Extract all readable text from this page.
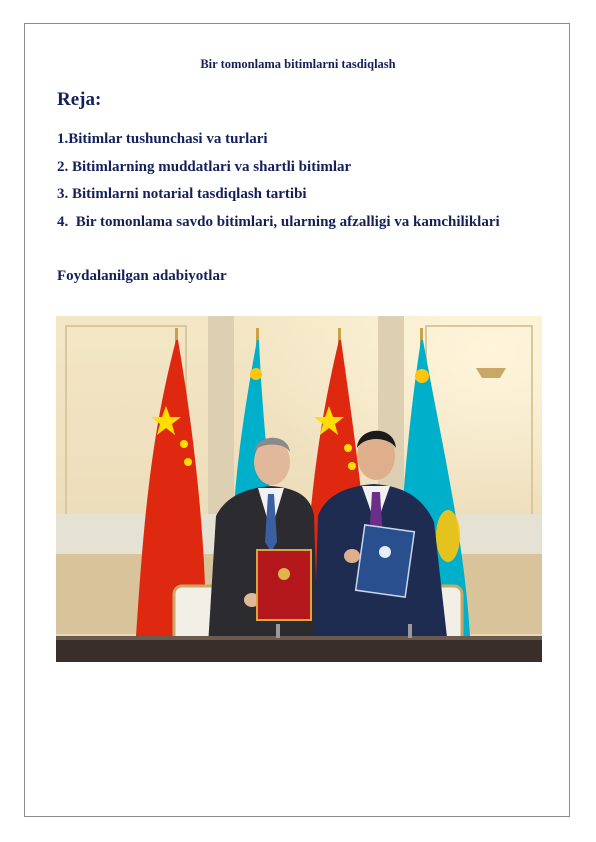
Bir tomonlama bitimlarni tasdiqlash
Reja:
1.Bitimlar tushunchasi va turlari
2. Bitimlarning muddatlari va shartli bitimlar
3. Bitimlarni notarial tasdiqlash tartibi
4.  Bir tomonlama savdo bitimlari, ularning afzalligi va kamchiliklari
Foydalanilgan adabiyotlar
